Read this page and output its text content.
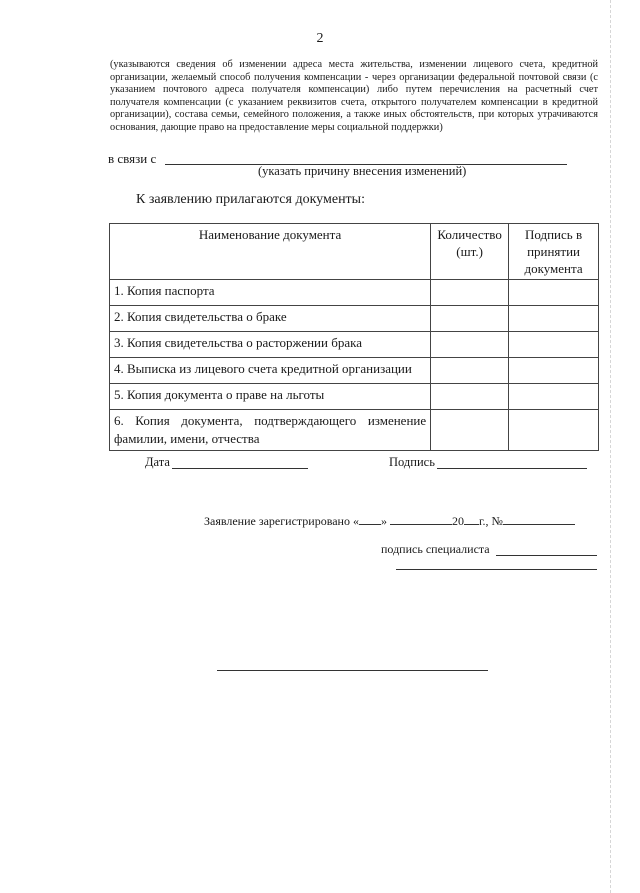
2
(указываются сведения об изменении адреса места жительства, изменении лицевого счета, кредитной организации, желаемый способ получения компенсации - через организации федеральной почтовой связи (с указанием почтового адреса получателя компенсации) либо путем перечисления на расчетный счет получателя компенсации (с указанием реквизитов счета, открытого получателем компенсации в кредитной организации), состава семьи, семейного положения, а также иных обстоятельств, при которых утрачиваются основания, дающие право на предоставление меры социальной поддержки)
в связи с
(указать причину внесения изменений)
К заявлению прилагаются документы:
Наименование документа	Количество (шт.)	Подпись в принятии документа
1. Копия паспорта		
2. Копия свидетельства о браке		
3. Копия свидетельства о расторжении брака		
4. Выписка из лицевого счета кредитной организации		
5. Копия документа о праве на льготы		
6. Копия документа, подтверждающего изменение фамилии, имени, отчества		
Дата	Подпись
Заявление зарегистрировано « »	20 г., №
подпись специалиста
